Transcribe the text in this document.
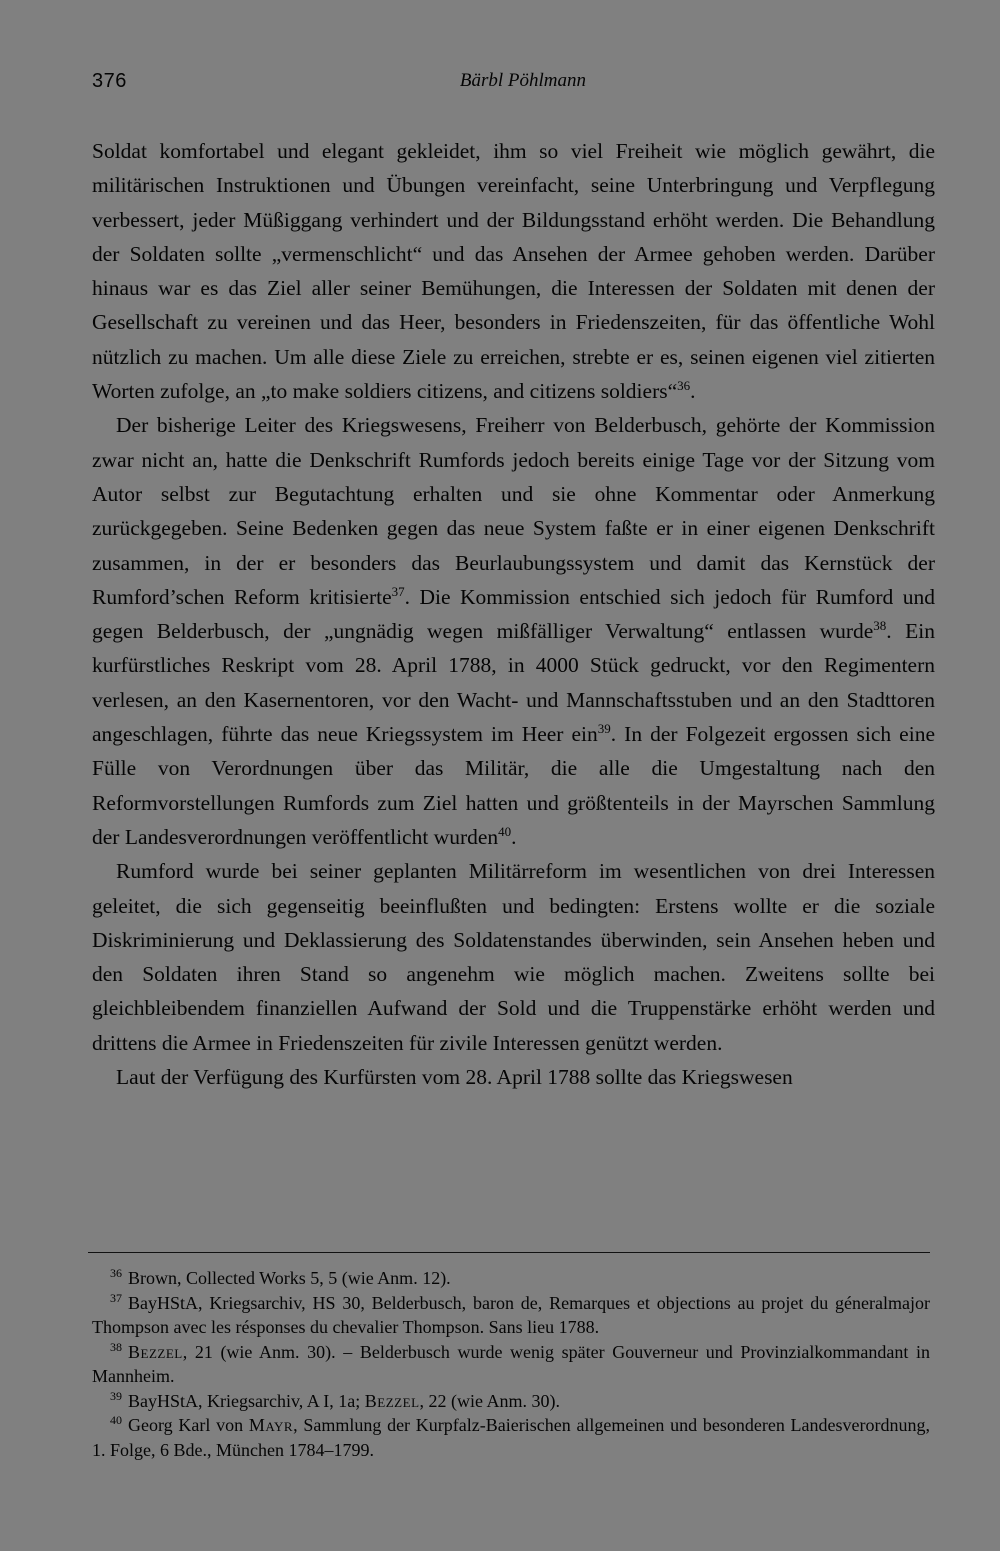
376	Bärbl Pöhlmann

Soldat komfortabel und elegant gekleidet, ihm so viel Freiheit wie möglich gewährt, die militärischen Instruktionen und Übungen vereinfacht, seine Unterbringung und Verpflegung verbessert, jeder Müßiggang verhindert und der Bildungsstand erhöht werden. Die Behandlung der Soldaten sollte „vermenschlicht“ und das Ansehen der Armee gehoben werden. Darüber hinaus war es das Ziel aller seiner Bemühungen, die Interessen der Soldaten mit denen der Gesellschaft zu vereinen und das Heer, besonders in Friedenszeiten, für das öffentliche Wohl nützlich zu machen. Um alle diese Ziele zu erreichen, strebte er es, seinen eigenen viel zitierten Worten zufolge, an „to make soldiers citizens, and citizens soldiers“$^{36}$.

Der bisherige Leiter des Kriegswesens, Freiherr von Belderbusch, gehörte der Kommission zwar nicht an, hatte die Denkschrift Rumfords jedoch bereits einige Tage vor der Sitzung vom Autor selbst zur Begutachtung erhalten und sie ohne Kommentar oder Anmerkung zurückgegeben. Seine Bedenken gegen das neue System faßte er in einer eigenen Denkschrift zusammen, in der er besonders das Beurlaubungssystem und damit das Kernstück der Rumford’schen Reform kritisierte$^{37}$. Die Kommission entschied sich jedoch für Rumford und gegen Belderbusch, der „ungnädig wegen mißfälliger Verwaltung“ entlassen wurde$^{38}$. Ein kurfürstliches Reskript vom 28. April 1788, in 4000 Stück gedruckt, vor den Regimentern verlesen, an den Kasernentoren, vor den Wacht- und Mannschaftsstuben und an den Stadttoren angeschlagen, führte das neue Kriegssystem im Heer ein$^{39}$. In der Folgezeit ergossen sich eine Fülle von Verordnungen über das Militär, die alle die Umgestaltung nach den Reformvorstellungen Rumfords zum Ziel hatten und größtenteils in der Mayrschen Sammlung der Landesverordnungen veröffentlicht wurden$^{40}$.

Rumford wurde bei seiner geplanten Militärreform im wesentlichen von drei Interessen geleitet, die sich gegenseitig beeinflußten und bedingten: Erstens wollte er die soziale Diskriminierung und Deklassierung des Soldatenstandes überwinden, sein Ansehen heben und den Soldaten ihren Stand so angenehm wie möglich machen. Zweitens sollte bei gleichbleibendem finanziellen Aufwand der Sold und die Truppenstärke erhöht werden und drittens die Armee in Friedenszeiten für zivile Interessen genützt werden.

Laut der Verfügung des Kurfürsten vom 28. April 1788 sollte das Kriegswesen

$^{36}$ Brown, Collected Works 5, 5 (wie Anm. 12).

$^{37}$ BayHStA, Kriegsarchiv, HS 30, Belderbusch, baron de, Remarques et objections au projet du géneralmajor Thompson avec les résponses du chevalier Thompson. Sans lieu 1788.

$^{38}$ Bezzel, 21 (wie Anm. 30). – Belderbusch wurde wenig später Gouverneur und Provinzialkommandant in Mannheim.

$^{39}$ BayHStA, Kriegsarchiv, A I, 1a; Bezzel, 22 (wie Anm. 30).

$^{40}$ Georg Karl von Mayr, Sammlung der Kurpfalz-Baierischen allgemeinen und besonderen Landesverordnung, 1. Folge, 6 Bde., München 1784–1799.
